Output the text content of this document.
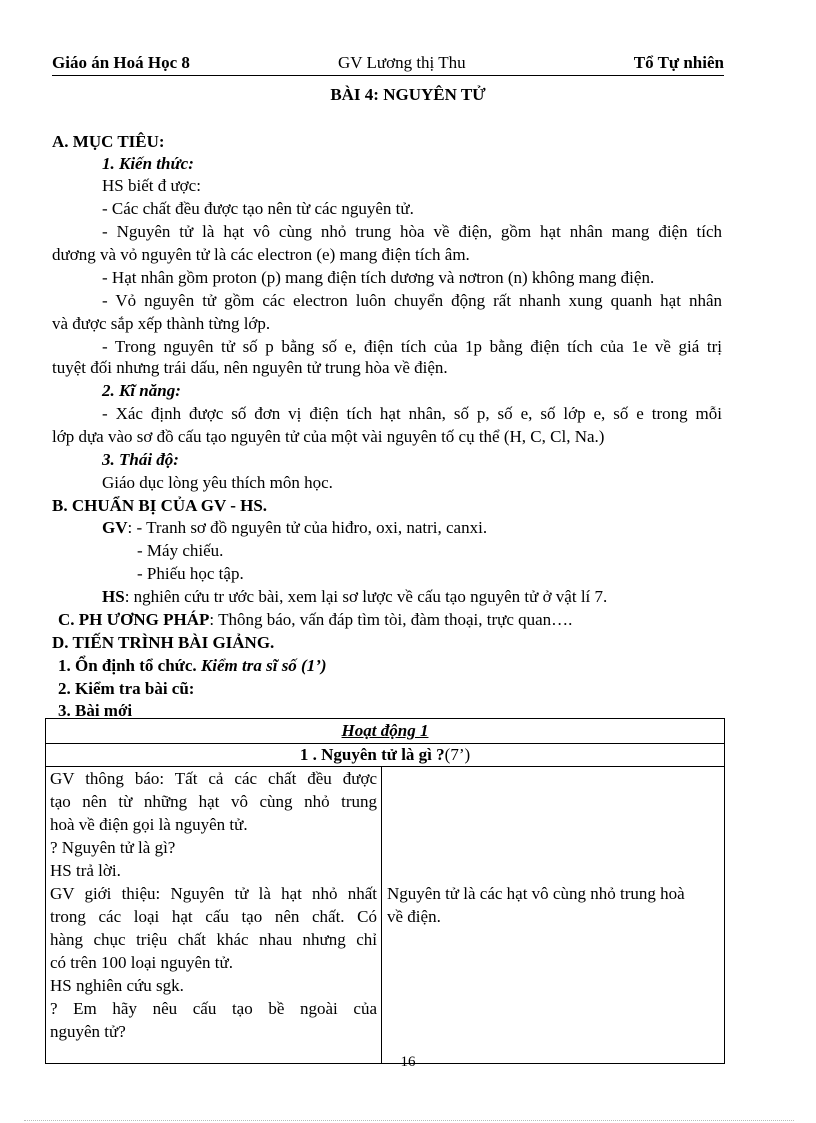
Giáo án Hoá Học 8	GV Lương thị Thu	Tổ Tự nhiên
BÀI 4: NGUYÊN TỬ
A. MỤC TIÊU:
1. Kiến thức:
HS biết đ ược:
- Các chất đều được tạo nên từ các nguyên tử.
- Nguyên tử là hạt vô cùng nhỏ trung hòa về điện, gồm hạt nhân mang điện tích
dương và vỏ nguyên tử là các electron (e) mang điện tích âm.
- Hạt nhân gồm proton (p) mang điện tích dương và nơtron (n) không mang điện.
- Vỏ nguyên tử gồm các electron luôn chuyển động rất nhanh xung quanh hạt nhân
và được sắp xếp thành từng lớp.
- Trong nguyên tử số p bằng số e, điện tích của 1p bằng điện tích của 1e về giá trị
tuyệt đối nhưng trái dấu, nên nguyên tử trung hòa về điện.
2. Kĩ năng:
- Xác định được số đơn vị điện tích hạt nhân, số p, số e, số lớp e, số e trong mỗi
lớp dựa vào sơ đồ cấu tạo nguyên tử của một vài nguyên tố cụ thể (H, C, Cl, Na.)
3. Thái độ:
Giáo dục lòng yêu thích môn học.
B. CHUẨN BỊ CỦA GV - HS.
GV: - Tranh sơ đồ nguyên tử của hiđro, oxi, natri, canxi.
- Máy chiếu.
- Phiếu học tập.
HS: nghiên cứu tr ước bài, xem lại sơ lược về cấu tạo nguyên tử ở vật lí 7.
C. PH ƯƠNG PHÁP: Thông báo, vấn đáp tìm tòi, đàm thoại, trực quan….
D. TIẾN TRÌNH BÀI GIẢNG.
1. Ổn định tổ chức. Kiểm tra sĩ số (1’)
2. Kiểm tra bài cũ:
3. Bài mới
Hoạt động 1
1 . Nguyên tử là gì ?(7’)

GV thông báo: Tất cả các chất đều được
tạo nên từ những hạt vô cùng nhỏ trung
hoà về điện gọi là nguyên tử.
? Nguyên tử là gì?
HS trả lời.
GV giới thiệu: Nguyên tử là hạt nhỏ nhất
trong các loại hạt cấu tạo nên chất. Có
hàng chục triệu chất khác nhau nhưng chỉ
có trên 100 loại nguyên tử.
HS nghiên cứu sgk.
? Em hãy nêu cấu tạo bề ngoài của
nguyên tử?

Nguyên tử là các hạt vô cùng nhỏ trung hoà
về điện.
16
